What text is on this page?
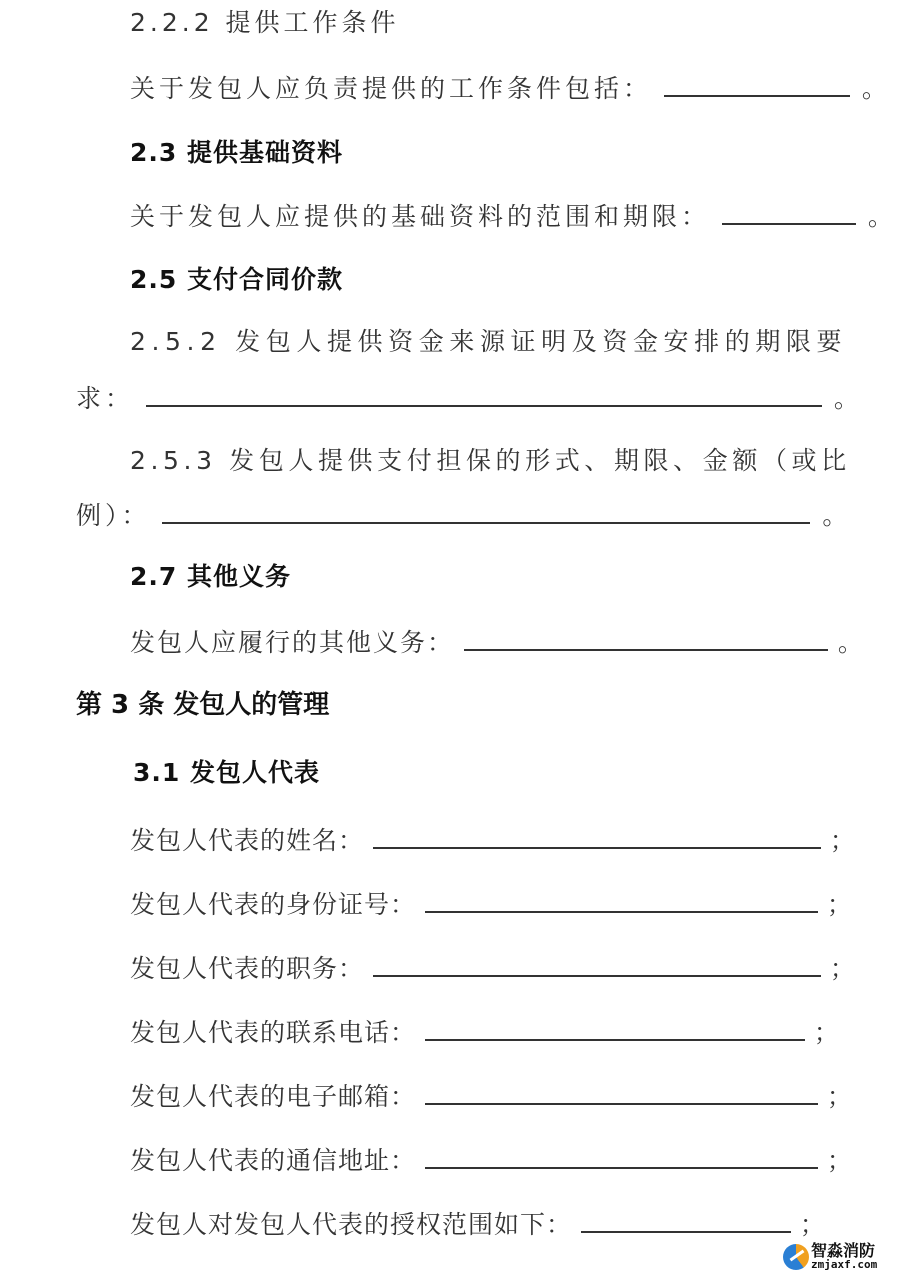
2.2.2 提供工作条件
关于发包人应负责提供的工作条件包括：	。
2.3 提供基础资料
关于发包人应提供的基础资料的范围和期限：	。
2.5 支付合同价款
2.5.2 发包人提供资金来源证明及资金安排的期限要
求：	。
2.5.3 发包人提供支付担保的形式、期限、金额（或比
例）：	。
2.7 其他义务
发包人应履行的其他义务：	。
第 3 条 发包人的管理
3.1 发包人代表
发包人代表的姓名：	；
发包人代表的身份证号：	；
发包人代表的职务：	；
发包人代表的联系电话：	；
发包人代表的电子邮箱：	；
发包人代表的通信地址：	；
发包人对发包人代表的授权范围如下：	；
智淼消防
zmjaxf.com
